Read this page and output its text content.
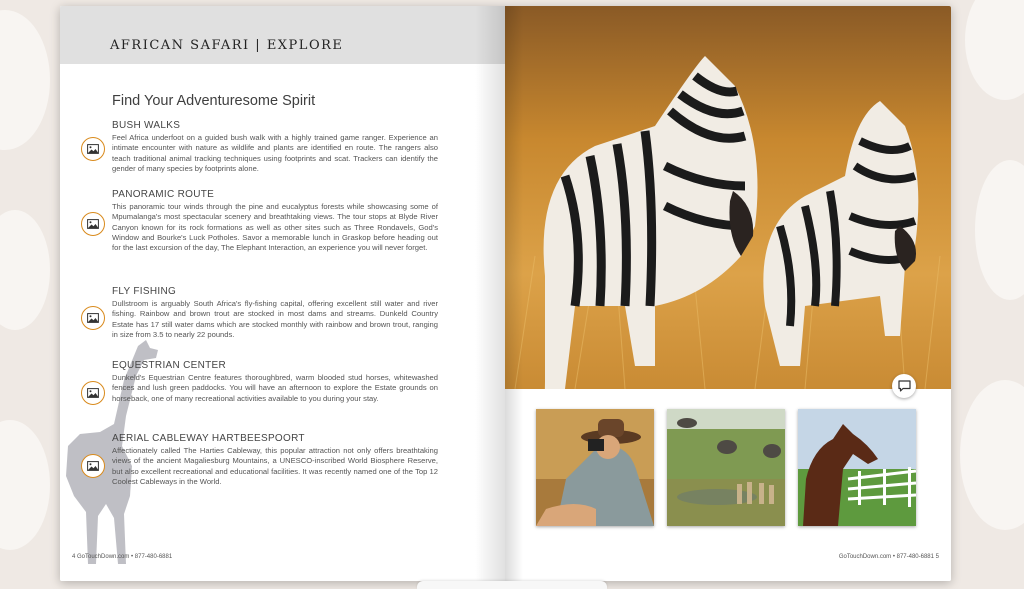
AFRICAN SAFARI | EXPLORE
Find Your Adventuresome Spirit
BUSH WALKS

Feel Africa underfoot on a guided bush walk with a highly trained game ranger. Experience an intimate encounter with nature as wildlife and plants are identified en route. The rangers also teach traditional animal tracking techniques using footprints and scat. Trackers can identify the gender of many species by footprints alone.

PANORAMIC ROUTE

This panoramic tour winds through the pine and eucalyptus forests while showcasing some of Mpumalanga's most spectacular scenery and breathtaking views. The tour stops at Blyde River Canyon known for its rock formations as well as other sites such as Three Rondavels, God's Window and Bourke's Luck Potholes. Savor a memorable lunch in Graskop before heading out for the last excursion of the day, The Elephant Interaction, an experience you will never forget.

FLY FISHING

Dullstroom is arguably South Africa's fly-fishing capital, offering excellent still water and river fishing. Rainbow and brown trout are stocked in most dams and streams. Dunkeld Country Estate has 17 still water dams which are stocked monthly with rainbow and brown trout, ranging in size from 3.5 to nearly 22 pounds.

EQUESTRIAN CENTER

Dunkeld's Equestrian Centre features thoroughbred, warm blooded stud horses, whitewashed fences and lush green paddocks. You will have an afternoon to explore the Estate grounds on horseback, one of many recreational activities available to you during your stay.

AERIAL CABLEWAY HARTBEESPOORT

Affectionately called The Harties Cableway, this popular attraction not only offers breathtaking views of the ancient Magaliesburg Mountains, a UNESCO-inscribed World Biosphere Reserve, but also excellent recreational and educational facilities. It was recently named one of the Top 12 Coolest Cableways in the World.

4 GoTouchDown.com • 877-480-6881	GoTouchDown.com • 877-480-6881 5
